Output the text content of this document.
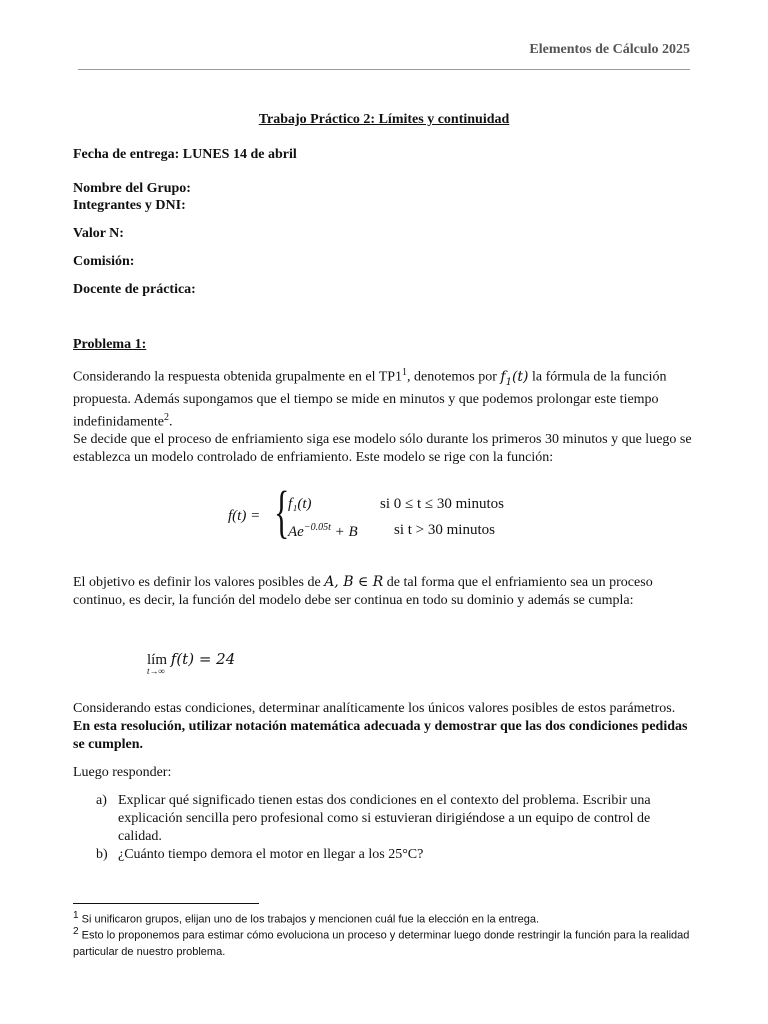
Elementos de Cálculo 2025
Trabajo Práctico 2: Límites y continuidad
Fecha de entrega: LUNES 14 de abril
Nombre del Grupo:
Integrantes y DNI:
Valor N:
Comisión:
Docente de práctica:
Problema 1:
Considerando la respuesta obtenida grupalmente en el $TP1^1$, denotemos por $f_1(t)$ la fórmula de la función propuesta. Además supongamos que el tiempo se mide en minutos y que podemos prolongar este tiempo indefinidamente$^2$.
Se decide que el proceso de enfriamiento siga ese modelo sólo durante los primeros 30 minutos y que luego se establezca un modelo controlado de enfriamiento. Este modelo se rige con la función:
f(t) = {
f₁(t)	si 0 ≤ t ≤ 30 minutos
$Ae^{-0.05t} + B$ si t > 30 minutos
El objetivo es definir los valores posibles de A, B ∈ R de tal forma que el enfriamiento sea un proceso continuo, es decir, la función del modelo debe ser continua en todo su dominio y además se cumpla:
lím f(t) = 24
t→∞
Considerando estas condiciones, determinar analíticamente los únicos valores posibles de estos parámetros. En esta resolución, utilizar notación matemática adecuada y demostrar que las dos condiciones pedidas se cumplen.
Luego responder:
a) Explicar qué significado tienen estas dos condiciones en el contexto del problema. Escribir una explicación sencilla pero profesional como si estuvieran dirigiéndose a un equipo de control de calidad.
b) ¿Cuánto tiempo demora el motor en llegar a los 25°C?
1 Si unificaron grupos, elijan uno de los trabajos y mencionen cuál fue la elección en la entrega.
2 Esto lo proponemos para estimar cómo evoluciona un proceso y determinar luego donde restringir la función para la realidad particular de nuestro problema.
